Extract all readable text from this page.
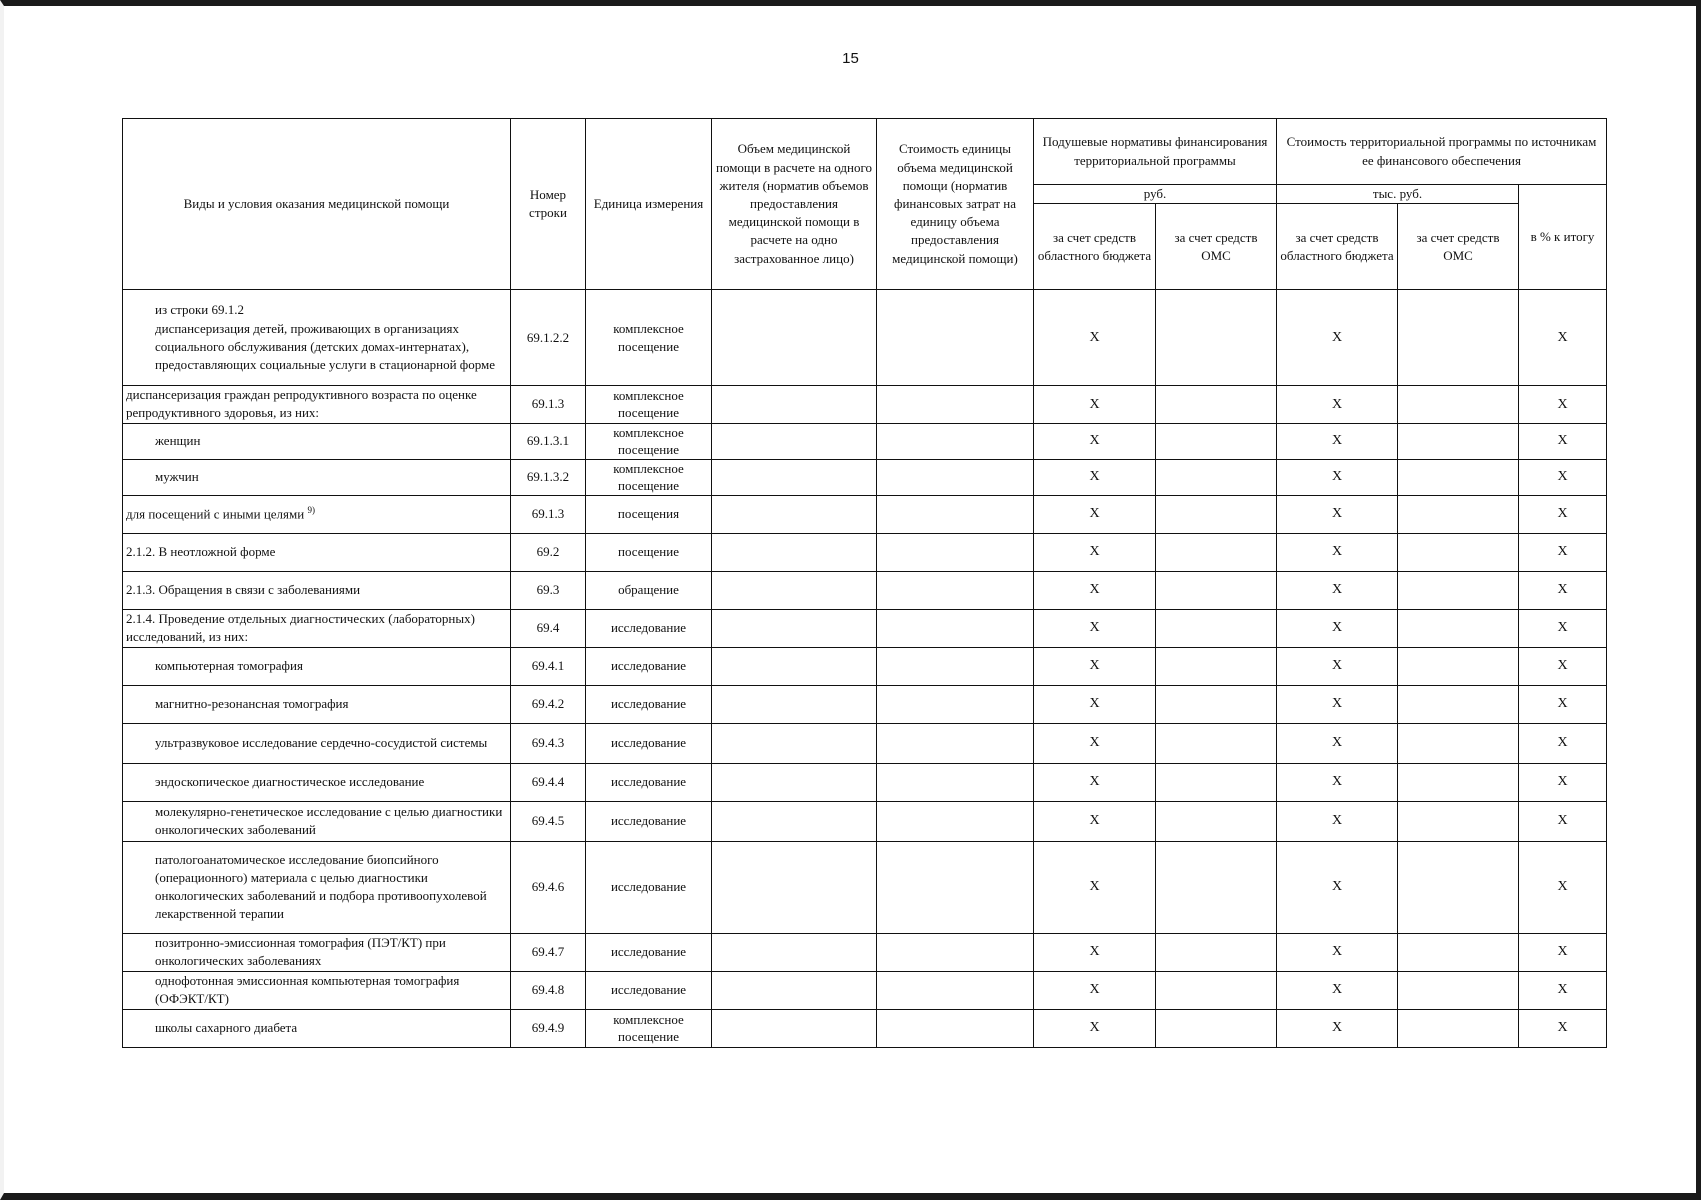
15
Виды и условия оказания медицинской помощи	Номер строки	Единица измерения	Объем медицинской помощи в расчете на одного жителя (норматив объемов предоставления медицинской помощи в расчете на одно застрахованное лицо)	Стоимость единицы объема медицинской помощи (норматив финансовых затрат на единицу объема предоставления медицинской помощи)	Подушевые нормативы финансирования территориальной программы		Стоимость территориальной программы по источникам ее финансового обеспечения		
					руб.		тыс. руб.		в % к итогу
					за счет средств областного бюджета	за счет средств ОМС	за счет средств областного бюджета	за счет средств ОМС	
из строки 69.1.2
диспансеризация детей, проживающих в организациях социального обслуживания (детских домах-интернатах), предоставляющих социальные услуги в стационарной форме	69.1.2.2	комплексное посещение			Х		Х		Х
диспансеризация граждан репродуктивного возраста по оценке репродуктивного здоровья, из них:	69.1.3	комплексное посещение			Х		Х		Х
женщин	69.1.3.1	комплексное посещение			Х		Х		Х
мужчин	69.1.3.2	комплексное посещение			Х		Х		Х
для посещений с иными целями $^{9)}$	69.1.3	посещения			Х		Х		Х
2.1.2. В неотложной форме	69.2	посещение			Х		Х		Х
2.1.3. Обращения в связи с заболеваниями	69.3	обращение			Х		Х		Х
2.1.4. Проведение отдельных диагностических (лабораторных) исследований, из них:	69.4	исследование			Х		Х		Х
компьютерная томография	69.4.1	исследование			Х		Х		Х
магнитно-резонансная томография	69.4.2	исследование			Х		Х		Х
ультразвуковое исследование сердечно-сосудистой системы	69.4.3	исследование			Х		Х		Х
эндоскопическое диагностическое исследование	69.4.4	исследование			Х		Х		Х
молекулярно-генетическое исследование с целью диагностики онкологических заболеваний	69.4.5	исследование			Х		Х		Х
патологоанатомическое исследование биопсийного (операционного) материала с целью диагностики онкологических заболеваний и подбора противоопухолевой лекарственной терапии	69.4.6	исследование			Х		Х		Х
позитронно-эмиссионная томография (ПЭТ/КТ) при онкологических заболеваниях	69.4.7	исследование			Х		Х		Х
однофотонная эмиссионная компьютерная томография (ОФЭКТ/КТ)	69.4.8	исследование			Х		Х		Х
школы сахарного диабета	69.4.9	комплексное посещение			Х		Х		Х
